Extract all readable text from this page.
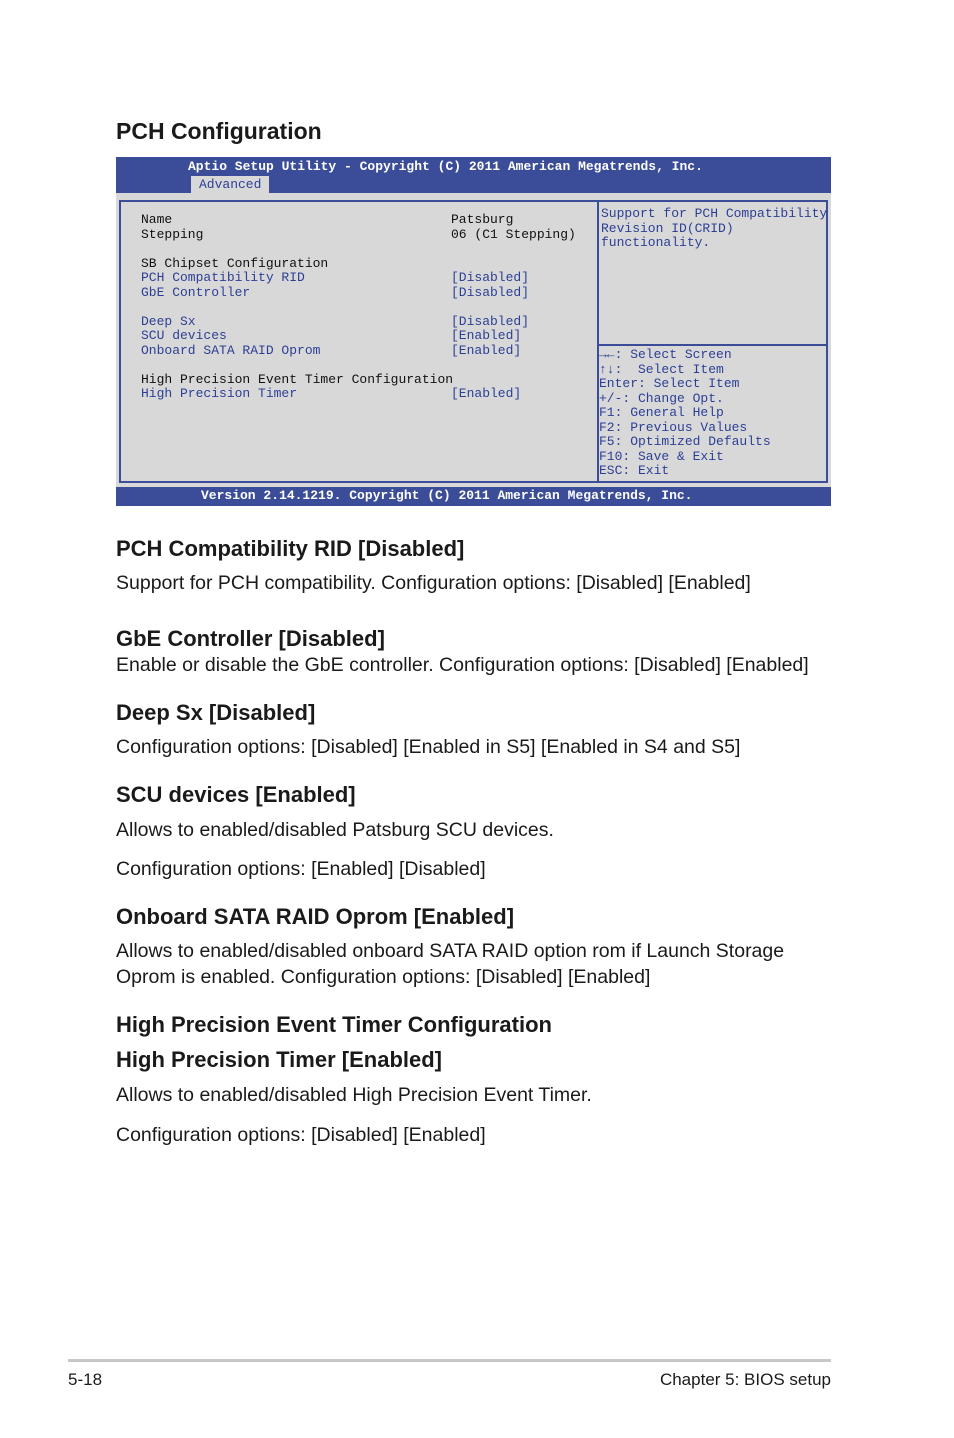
PCH Configuration
Aptio Setup Utility - Copyright (C) 2011 American Megatrends, Inc.
Advanced
Name	Patsburg
Stepping	06 (C1 Stepping)
SB Chipset Configuration
PCH Compatibility RID	[Disabled]
GbE Controller	[Disabled]
Deep Sx	[Disabled]
SCU devices	[Enabled]
Onboard SATA RAID Oprom	[Enabled]
High Precision Event Timer Configuration
High Precision Timer	[Enabled]
Support for PCH Compatibility
Revision ID(CRID)
functionality.
→←: Select Screen
↑↓:  Select Item
Enter: Select Item
+/-: Change Opt.
F1: General Help
F2: Previous Values
F5: Optimized Defaults
F10: Save & Exit
ESC: Exit
Version 2.14.1219. Copyright (C) 2011 American Megatrends, Inc.
PCH Compatibility RID [Disabled]

Support for PCH compatibility. Configuration options: [Disabled] [Enabled]

GbE Controller [Disabled]

Enable or disable the GbE controller. Configuration options: [Disabled] [Enabled]

Deep Sx [Disabled]

Configuration options: [Disabled] [Enabled in S5] [Enabled in S4 and S5]

SCU devices [Enabled]

Allows to enabled/disabled Patsburg SCU devices.

Configuration options: [Enabled] [Disabled]

Onboard SATA RAID Oprom [Enabled]

Allows to enabled/disabled onboard SATA RAID option rom if Launch Storage Oprom is enabled. Configuration options: [Disabled] [Enabled]

High Precision Event Timer Configuration
High Precision Timer [Enabled]

Allows to enabled/disabled High Precision Event Timer.

Configuration options: [Disabled] [Enabled]

5-18	Chapter 5: BIOS setup
